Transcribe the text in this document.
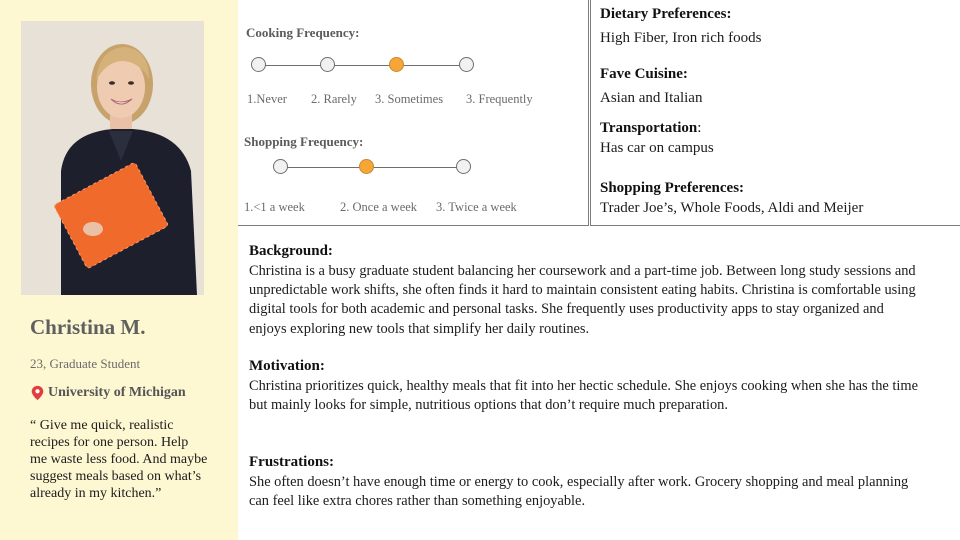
Christina M.
23, Graduate Student
University of Michigan
“ Give me quick, realistic recipes for one person. Help me waste less food. And maybe suggest meals based on what’s already in my kitchen.”
Cooking Frequency:
1.Never 2. Rarely 3. Sometimes 3. Frequently
Shopping Frequency:
1.<1 a week	2. Once a week 3. Twice a week
Dietary Preferences:
High Fiber, Iron rich foods
Fave Cuisine:
Asian and Italian
Transportation:
Has car on campus
Shopping Preferences:
Trader Joe’s, Whole Foods, Aldi and Meijer
Background:
Christina is a busy graduate student balancing her coursework and a part-time job. Between long study sessions and unpredictable work shifts, she often finds it hard to maintain consistent eating habits. Christina is comfortable using digital tools for both academic and personal tasks. She frequently uses productivity apps to stay organized and enjoys exploring new tools that simplify her daily routines.
Motivation:
Christina prioritizes quick, healthy meals that fit into her hectic schedule. She enjoys cooking when she has the time but mainly looks for simple, nutritious options that don’t require much preparation.
Frustrations:
She often doesn’t have enough time or energy to cook, especially after work. Grocery shopping and meal planning can feel like extra chores rather than something enjoyable.
